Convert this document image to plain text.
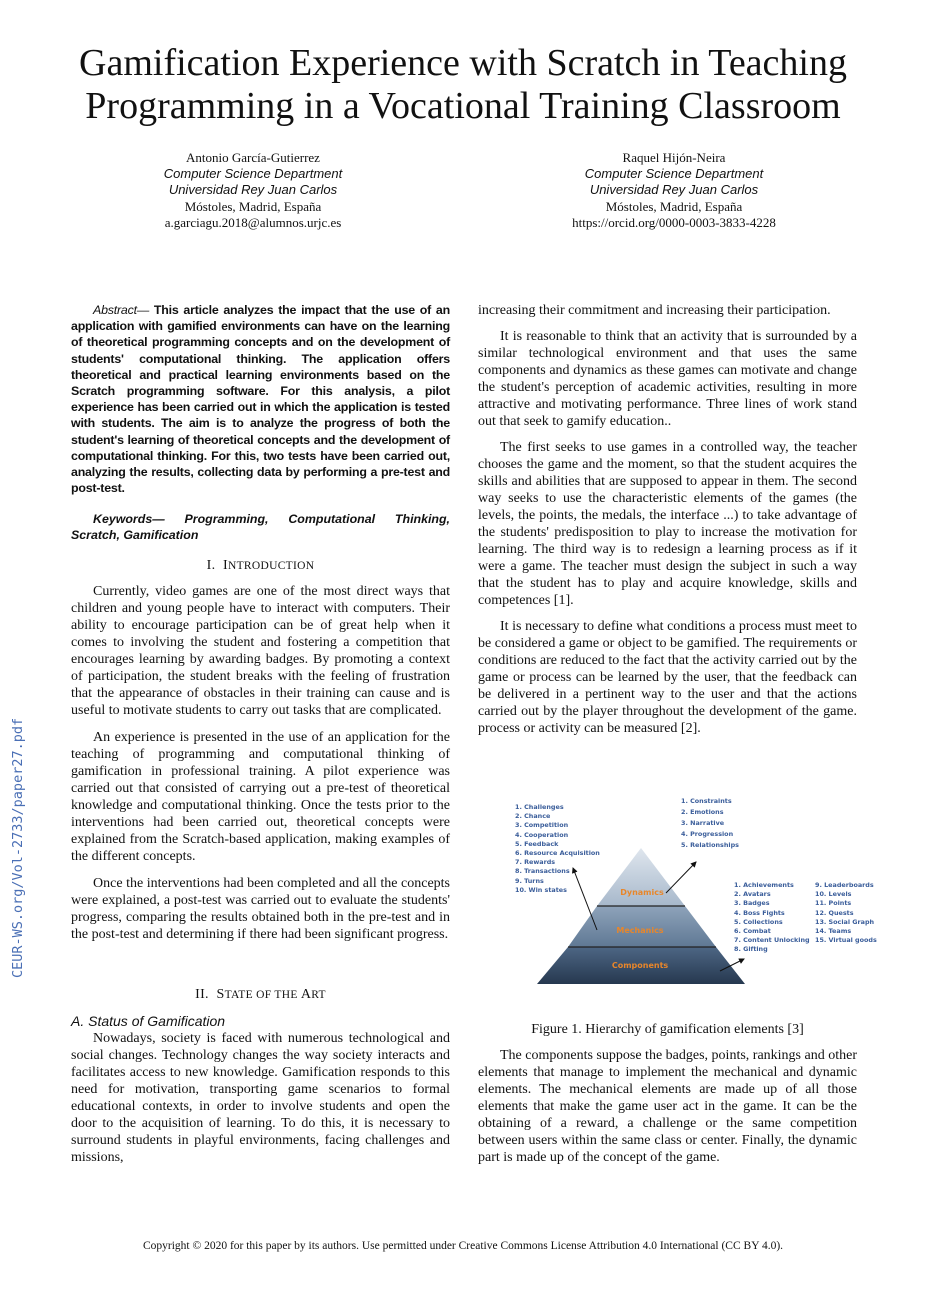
Gamification Experience with Scratch in Teaching
Programming in a Vocational Training Classroom
Antonio García-Gutierrez
Computer Science Department
Universidad Rey Juan Carlos
Móstoles, Madrid, España
a.garciagu.2018@alumnos.urjc.es
Raquel Hijón-Neira
Computer Science Department
Universidad Rey Juan Carlos
Móstoles, Madrid, España
https://orcid.org/0000-0003-3833-4228
CEUR-WS.org/Vol-2733/paper27.pdf

Abstract— This article analyzes the impact that the use of an application with gamified environments can have on the learning of theoretical programming concepts and on the development of students' computational thinking. The application offers theoretical and practical learning environments based on the Scratch programming software. For this analysis, a pilot experience has been carried out in which the application is tested with students. The aim is to analyze the progress of both the student's learning of theoretical concepts and the development of computational thinking. For this, two tests have been carried out, analyzing the results, collecting data by performing a pre-test and post-test.

Keywords— Programming, Computational Thinking, Scratch, Gamification

I. INTRODUCTION

Currently, video games are one of the most direct ways that children and young people have to interact with computers. Their ability to encourage participation can be of great help when it comes to involving the student and fostering a competition that encourages learning by awarding badges. By promoting a context of participation, the student breaks with the feeling of frustration that the appearance of obstacles in their training can cause and is useful to motivate students to carry out tasks that are complicated.

An experience is presented in the use of an application for the teaching of programming and computational thinking of gamification in professional training. A pilot experience was carried out that consisted of carrying out a pre-test of theoretical knowledge and computational thinking. Once the tests prior to the interventions had been carried out, theoretical concepts were explained from the Scratch-based application, making examples of the different concepts.

Once the interventions had been completed and all the concepts were explained, a post-test was carried out to evaluate the students' progress, comparing the results obtained both in the pre-test and in the post-test and determining if there had been significant progress.

II. STATE OF THE ART

A. Status of Gamification

Nowadays, society is faced with numerous technological and social changes. Technology changes the way society interacts and facilitates access to new knowledge. Gamification responds to this need for motivation, transporting game scenarios to formal educational contexts, in order to involve students and open the door to the acquisition of learning. To do this, it is necessary to surround students in playful environments, facing challenges and missions,

increasing their commitment and increasing their participation.

It is reasonable to think that an activity that is surrounded by a similar technological environment and that uses the same components and dynamics as these games can motivate and change the student's perception of academic activities, resulting in more attractive and motivating performance. Three lines of work stand out that seek to gamify education..

The first seeks to use games in a controlled way, the teacher chooses the game and the moment, so that the student acquires the skills and abilities that are supposed to appear in them. The second way seeks to use the characteristic elements of the games (the levels, the points, the medals, the interface ...) to take advantage of the students' predisposition to play to increase the motivation for learning. The third way is to redesign a learning process as if it were a game. The teacher must design the subject in such a way that the student has to play and acquire knowledge, skills and competences [1].

It is necessary to define what conditions a process must meet to be considered a game or object to be gamified. The requirements or conditions are reduced to the fact that the activity carried out by the game or process can be learned by the user, that the feedback can be delivered in a pertinent way to the user and that the actions carried out by the player throughout the development of the game. process or activity can be measured [2].

Dynamics
Mechanics
Components
1. Challenges
2. Chance
3. Competition
4. Cooperation
5. Feedback
6. Resource Acquisition
7. Rewards
8. Transactions
9. Turns
10. Win states
1. Constraints
2. Emotions
3. Narrative
4. Progression
5. Relationships
1. Achievements
2. Avatars
3. Badges
4. Boss Fights
5. Collections
6. Combat
7. Content Unlocking
8. Gifting
9. Leaderboards
10. Levels
11. Points
12. Quests
13. Social Graph
14. Teams
15. Virtual goods
Figure 1. Hierarchy of gamification elements [3]

The components suppose the badges, points, rankings and other elements that manage to implement the mechanical and dynamic elements. The mechanical elements are made up of all those elements that make the game user act in the game. It can be the obtaining of a reward, a challenge or the same competition between users within the same class or center. Finally, the dynamic part is made up of the concept of the game.

Copyright © 2020 for this paper by its authors. Use permitted under Creative Commons License Attribution 4.0 International (CC BY 4.0).
